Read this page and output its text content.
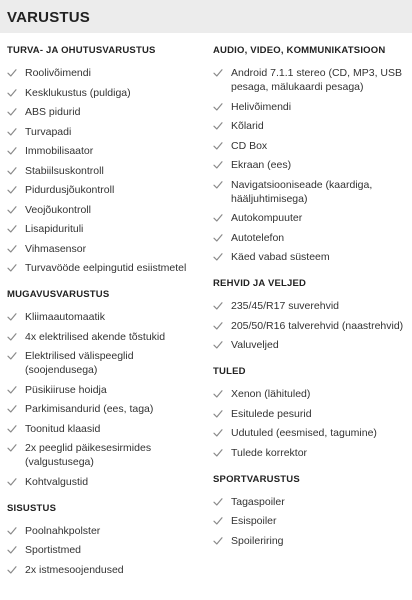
VARUSTUS
TURVA- JA OHUTUSVARUSTUS
Roolivõimendi
Kesklukustus (puldiga)
ABS pidurid
Turvapadi
Immobilisaator
Stabiilsuskontroll
Pidurdusjõukontroll
Veojõukontroll
Lisapidurituli
Vihmasensor
Turvavööde eelpingutid esiistmetel
MUGAVUSVARUSTUS
Kliimaautomaatik
4x elektrilised akende tõstukid
Elektrilised välispeeglid (soojendusega)
Püsikiiruse hoidja
Parkimisandurid (ees, taga)
Toonitud klaasid
2x peeglid päikesesirmides (valgustusega)
Kohtvalgustid
SISUSTUS
Poolnahkpolster
Sportistmed
2x istmesoojendused
AUDIO, VIDEO, KOMMUNIKATSIOON
Android 7.1.1 stereo (CD, MP3, USB pesaga, mälukaardi pesaga)
Helivõimendi
Kõlarid
CD Box
Ekraan (ees)
Navigatsiooniseade (kaardiga, hääljuhtimisega)
Autokompuuter
Autotelefon
Käed vabad süsteem
REHVID JA VELJED
235/45/R17 suverehvid
205/50/R16 talverehvid (naastrehvid)
Valuveljed
TULED
Xenon (lähituled)
Esitulede pesurid
Udutuled (eesmised, tagumine)
Tulede korrektor
SPORTVARUSTUS
Tagaspoiler
Esispoiler
Spoileriring
